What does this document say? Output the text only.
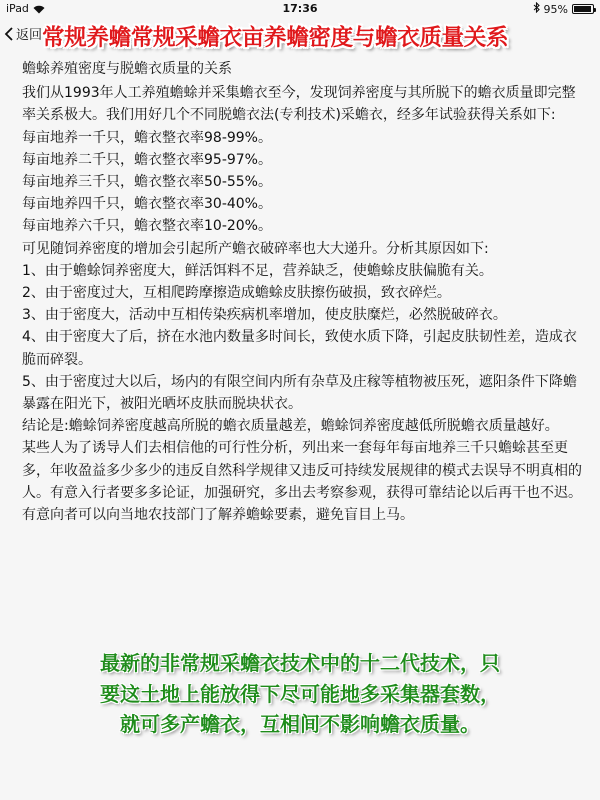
iPad	17:36	95%
返回 常规养蟾常规采蟾衣亩养蟾密度与蟾衣质量关系

蟾蜍养殖密度与脱蟾衣质量的关系

我们从1993年人工养殖蟾蜍并采集蟾衣至今，发现饲养密度与其所脱下的蟾衣质量即完整率关系极大。我们用好几个不同脱蟾衣法(专利技术)采蟾衣，经多年试验获得关系如下:

每亩地养一千只，蟾衣整衣率98-99%。

每亩地养二千只，蟾衣整衣率95-97%。

每亩地养三千只，蟾衣整衣率50-55%。

每亩地养四千只，蟾衣整衣率30-40%。

每亩地养六千只，蟾衣整衣率10-20%。

可见随饲养密度的增加会引起所产蟾衣破碎率也大大递升。分析其原因如下:

1、由于蟾蜍饲养密度大，鲜活饵料不足，营养缺乏，使蟾蜍皮肤偏脆有关。

2、由于密度过大，互相爬跨摩擦造成蟾蜍皮肤擦伤破损，致衣碎烂。

3、由于密度大，活动中互相传染疾病机率增加，使皮肤糜烂，必然脱破碎衣。

4、由于密度大了后，挤在水池内数量多时间长，致使水质下降，引起皮肤韧性差，造成衣脆而碎裂。

5、由于密度过大以后，场内的有限空间内所有杂草及庄稼等植物被压死，遮阳条件下降蟾暴露在阳光下，被阳光晒坏皮肤而脱块状衣。

结论是:蟾蜍饲养密度越高所脱的蟾衣质量越差，蟾蜍饲养密度越低所脱蟾衣质量越好。

某些人为了诱导人们去相信他的可行性分析，列出来一套每年每亩地养三千只蟾蜍甚至更多，年收盈益多少多少的违反自然科学规律又违反可持续发展规律的模式去误导不明真相的人。有意入行者要多多论证，加强研究，多出去考察参观，获得可靠结论以后再干也不迟。

有意向者可以向当地农技部门了解养蟾蜍要素，避免盲目上马。

最新的非常规采蟾衣技术中的十二代技术，只
要这土地上能放得下尽可能地多采集器套数，
就可多产蟾衣，互相间不影响蟾衣质量。
